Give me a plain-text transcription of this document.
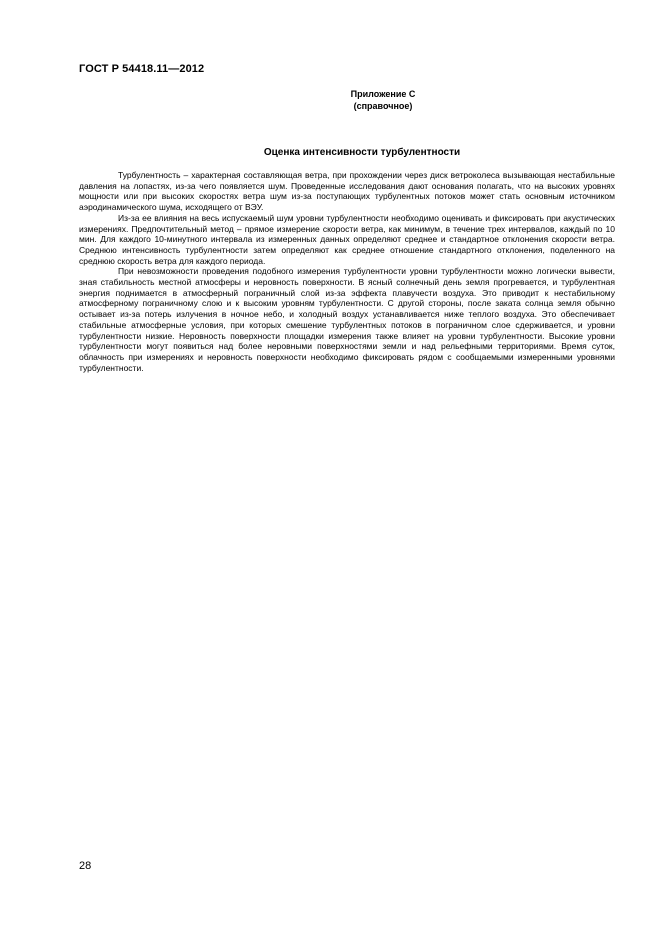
ГОСТ Р 54418.11—2012
Приложение С
(справочное)
Оценка интенсивности турбулентности

Турбулентность – характерная составляющая ветра, при прохождении через диск ветроколеса вызывающая нестабильные давления на лопастях, из-за чего появляется шум. Проведенные исследования дают основания полагать, что на высоких уровнях мощности или при высоких скоростях ветра шум из-за поступающих турбулентных потоков может стать основным источником аэродинамического шума, исходящего от ВЭУ.

Из-за ее влияния на весь испускаемый шум уровни турбулентности необходимо оценивать и фиксировать при акустических измерениях. Предпочтительный метод – прямое измерение скорости ветра, как минимум, в течение трех интервалов, каждый по 10 мин. Для каждого 10-минутного интервала из измеренных данных определяют среднее и стандартное отклонения скорости ветра. Среднюю интенсивность турбулентности затем определяют как среднее отношение стандартного отклонения, поделенного на среднюю скорость ветра для каждого периода.

При невозможности проведения подобного измерения турбулентности уровни турбулентности можно логически вывести, зная стабильность местной атмосферы и неровность поверхности. В ясный солнечный день земля прогревается, и турбулентная энергия поднимается в атмосферный пограничный слой из-за эффекта плавучести воздуха. Это приводит к нестабильному атмосферному пограничному слою и к высоким уровням турбулентности. С другой стороны, после заката солнца земля обычно остывает из-за потерь излучения в ночное небо, и холодный воздух устанавливается ниже теплого воздуха. Это обеспечивает стабильные атмосферные условия, при которых смешение турбулентных потоков в пограничном слое сдерживается, и уровни турбулентности низкие. Неровность поверхности площадки измерения также влияет на уровни турбулентности. Высокие уровни турбулентности могут появиться над более неровными поверхностями земли и над рельефными территориями. Время суток, облачность при измерениях и неровность поверхности необходимо фиксировать рядом с сообщаемыми измеренными уровнями турбулентности.

28
